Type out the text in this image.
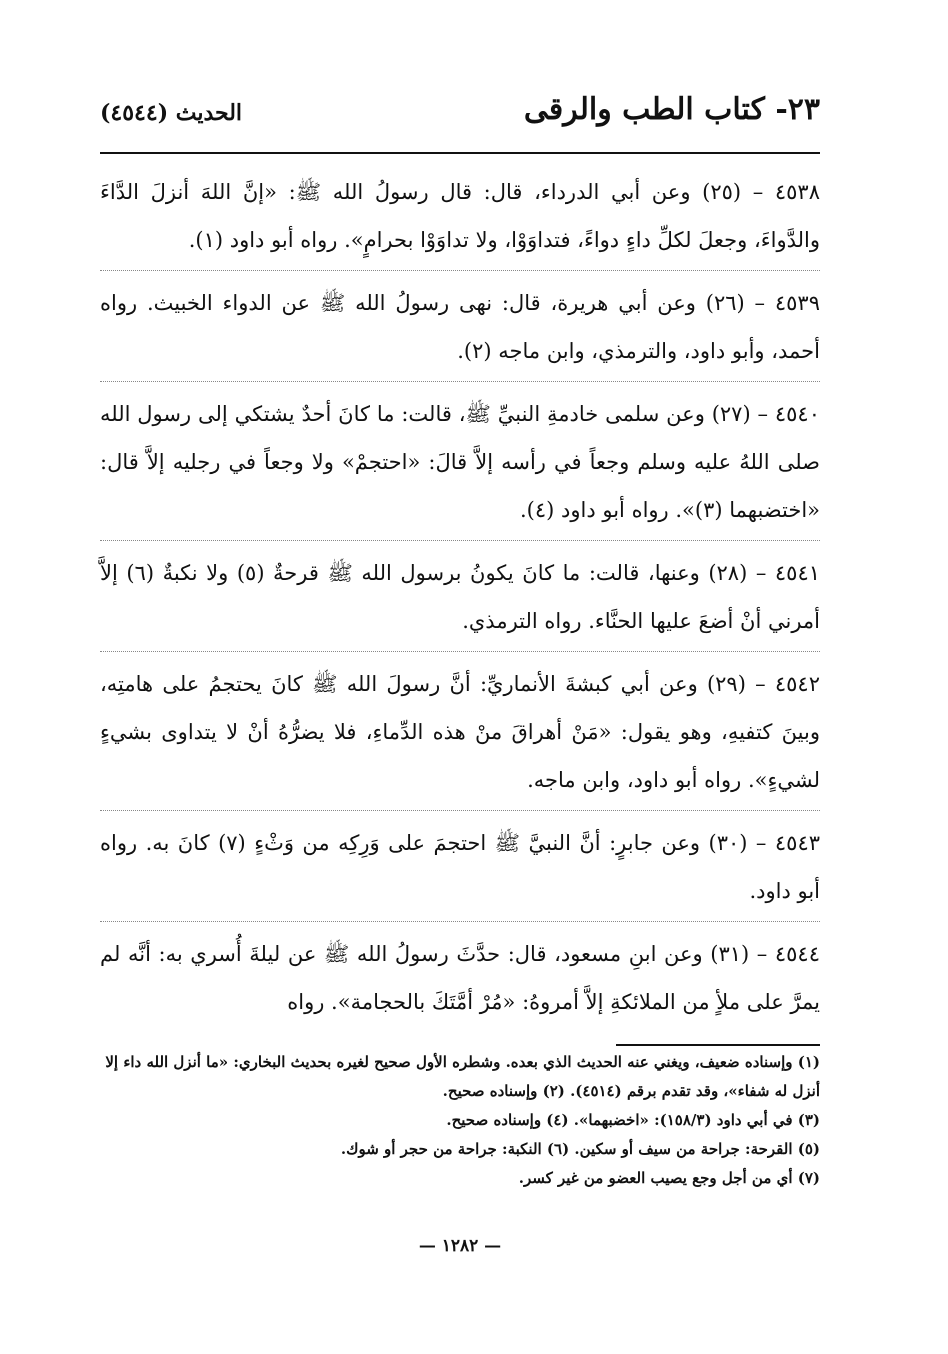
٢٣- كتاب الطب والرقى
الحديث (٤٥٤٤)

٤٥٣٨ – (٢٥) وعن أبي الدرداء، قال: قال رسولُ الله ﷺ: «إنَّ اللهَ أنزلَ الدَّاءَ والدَّواءَ، وجعلَ لكلِّ داءٍ دواءً، فتداوَوْا، ولا تداوَوْا بحرامٍ». رواه أبو داود (١).

٤٥٣٩ – (٢٦) وعن أبي هريرة، قال: نهى رسولُ الله ﷺ عن الدواء الخبيث. رواه أحمد، وأبو داود، والترمذي، وابن ماجه (٢).

٤٥٤٠ – (٢٧) وعن سلمى خادمةِ النبيِّ ﷺ، قالت: ما كانَ أحدٌ يشتكي إلى رسول الله صلى اللهُ عليه وسلم وجعاً في رأسه إلاَّ قالَ: «احتجمْ» ولا وجعاً في رجليه إلاَّ قال: «اختضبهما (٣)». رواه أبو داود (٤).

٤٥٤١ – (٢٨) وعنها، قالت: ما كانَ يكونُ برسول الله ﷺ قرحةٌ (٥) ولا نكبةٌ (٦) إلاَّ أمرني أنْ أضعَ عليها الحنَّاء. رواه الترمذي.

٤٥٤٢ – (٢٩) وعن أبي كبشةَ الأنماريِّ: أنَّ رسولَ الله ﷺ كانَ يحتجمُ على هامتِه، وبينَ كتفيهِ، وهو يقول: «مَنْ أهراقَ منْ هذه الدِّماءِ، فلا يضرُّهُ أنْ لا يتداوى بشيءٍ لشيءٍ». رواه أبو داود، وابن ماجه.

٤٥٤٣ – (٣٠) وعن جابرٍ: أنَّ النبيَّ ﷺ احتجمَ على وَرِكِه من وَثْءٍ (٧) كانَ به. رواه أبو داود.

٤٥٤٤ – (٣١) وعن ابنِ مسعود، قال: حدَّثَ رسولُ الله ﷺ عن ليلةَ أُسري به: أنَّه لم يمرَّ على ملأٍ من الملائكةِ إلاَّ أمروهُ: «مُرْ أمَّتَكَ بالحجامة». رواه

(١) وإسناده ضعيف، ويغني عنه الحديث الذي بعده. وشطره الأول صحيح لغيره بحديث البخاري: «ما أنزل الله داء إلا أنزل له شفاء»، وقد تقدم برقم (٤٥١٤). (٢) وإسناده صحيح.

(٣) في أبي داود (١٥٨/٣): «اخضبهما». (٤) وإسناده صحيح.

(٥) القرحة: جراحة من سيف أو سكين. (٦) النكبة: جراحة من حجر أو شوك.

(٧) أي من أجل وجع يصيب العضو من غير كسر.

— ١٢٨٢ —
